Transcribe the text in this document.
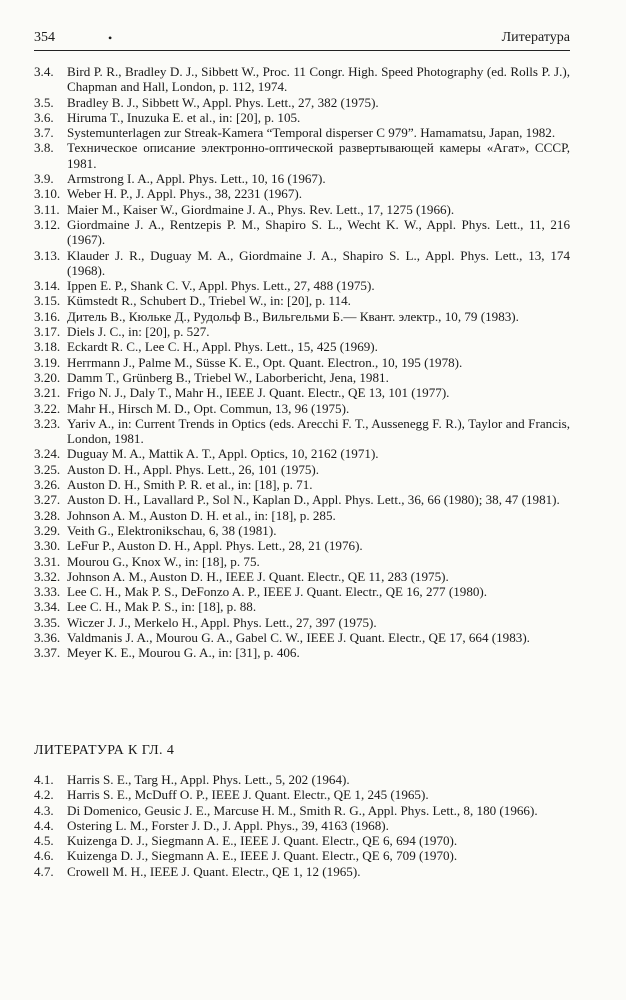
354	•	Литература
3.4. Bird P. R., Bradley D. J., Sibbett W., Proc. 11 Congr. High. Speed Photography (ed. Rolls P. J.), Chapman and Hall, London, p. 112, 1974.
3.5. Bradley B. J., Sibbett W., Appl. Phys. Lett., 27, 382 (1975).
3.6. Hiruma T., Inuzuka E. et al., in: [20], p. 105.
3.7. Systemunterlagen zur Streak-Kamera “Temporal disperser C 979”. Hamamatsu, Japan, 1982.
3.8. Техническое описание электронно-оптической развертывающей камеры «Агат», СССР, 1981.
3.9. Armstrong I. A., Appl. Phys. Lett., 10, 16 (1967).
3.10. Weber H. P., J. Appl. Phys., 38, 2231 (1967).
3.11. Maier M., Kaiser W., Giordmaine J. A., Phys. Rev. Lett., 17, 1275 (1966).
3.12. Giordmaine J. A., Rentzepis P. M., Shapiro S. L., Wecht K. W., Appl. Phys. Lett., 11, 216 (1967).
3.13. Klauder J. R., Duguay M. A., Giordmaine J. A., Shapiro S. L., Appl. Phys. Lett., 13, 174 (1968).
3.14. Ippen E. P., Shank C. V., Appl. Phys. Lett., 27, 488 (1975).
3.15. Kümstedt R., Schubert D., Triebel W., in: [20], p. 114.
3.16. Дитель В., Кюльке Д., Рудольф В., Вильгельми Б.— Квант. электр., 10, 79 (1983).
3.17. Diels J. C., in: [20], p. 527.
3.18. Eckardt R. C., Lee C. H., Appl. Phys. Lett., 15, 425 (1969).
3.19. Herrmann J., Palme M., Süsse K. E., Opt. Quant. Electron., 10, 195 (1978).
3.20. Damm T., Grünberg B., Triebel W., Laborbericht, Jena, 1981.
3.21. Frigo N. J., Daly T., Mahr H., IEEE J. Quant. Electr., QE 13, 101 (1977).
3.22. Mahr H., Hirsch M. D., Opt. Commun, 13, 96 (1975).
3.23. Yariv A., in: Current Trends in Optics (eds. Arecchi F. T., Aussenegg F. R.), Taylor and Francis, London, 1981.
3.24. Duguay M. A., Mattik A. T., Appl. Optics, 10, 2162 (1971).
3.25. Auston D. H., Appl. Phys. Lett., 26, 101 (1975).
3.26. Auston D. H., Smith P. R. et al., in: [18], p. 71.
3.27. Auston D. H., Lavallard P., Sol N., Kaplan D., Appl. Phys. Lett., 36, 66 (1980); 38, 47 (1981).
3.28. Johnson A. M., Auston D. H. et al., in: [18], p. 285.
3.29. Veith G., Elektronikschau, 6, 38 (1981).
3.30. LeFur P., Auston D. H., Appl. Phys. Lett., 28, 21 (1976).
3.31. Mourou G., Knox W., in: [18], p. 75.
3.32. Johnson A. M., Auston D. H., IEEE J. Quant. Electr., QE 11, 283 (1975).
3.33. Lee C. H., Mak P. S., DeFonzo A. P., IEEE J. Quant. Electr., QE 16, 277 (1980).
3.34. Lee C. H., Mak P. S., in: [18], p. 88.
3.35. Wiczer J. J., Merkelo H., Appl. Phys. Lett., 27, 397 (1975).
3.36. Valdmanis J. A., Mourou G. A., Gabel C. W., IEEE J. Quant. Electr., QE 17, 664 (1983).
3.37. Meyer K. E., Mourou G. A., in: [31], p. 406.
ЛИТЕРАТУРА К ГЛ. 4
4.1. Harris S. E., Targ H., Appl. Phys. Lett., 5, 202 (1964).
4.2. Harris S. E., McDuff O. P., IEEE J. Quant. Electr., QE 1, 245 (1965).
4.3. Di Domenico, Geusic J. E., Marcuse H. M., Smith R. G., Appl. Phys. Lett., 8, 180 (1966).
4.4. Ostering L. M., Forster J. D., J. Appl. Phys., 39, 4163 (1968).
4.5. Kuizenga D. J., Siegmann A. E., IEEE J. Quant. Electr., QE 6, 694 (1970).
4.6. Kuizenga D. J., Siegmann A. E., IEEE J. Quant. Electr., QE 6, 709 (1970).
4.7. Crowell M. H., IEEE J. Quant. Electr., QE 1, 12 (1965).
